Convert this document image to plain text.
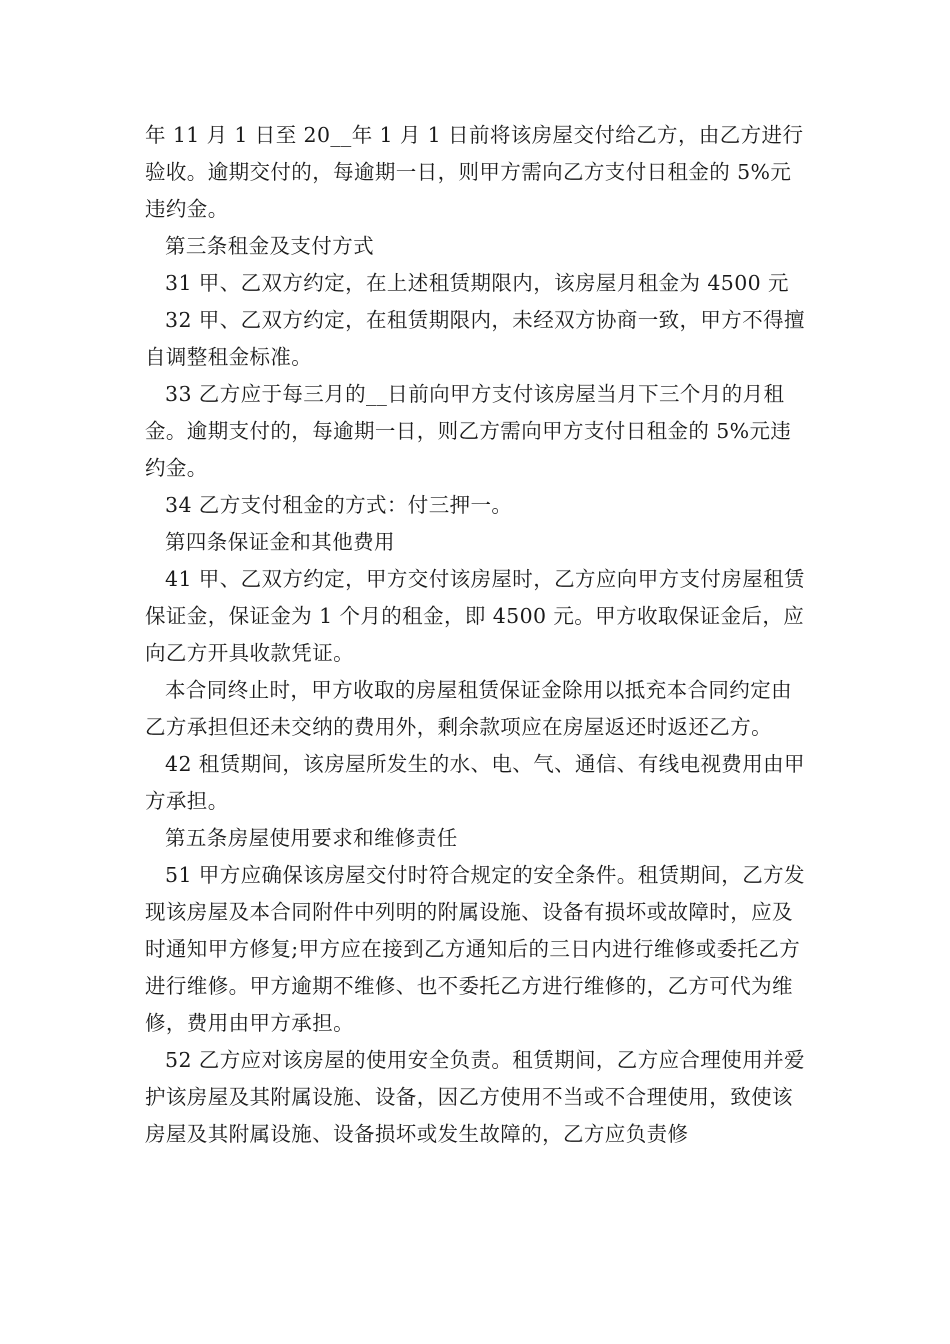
年 11 月 1 日至 20__年 1 月 1 日前将该房屋交付给乙方，由乙方进行验收。逾期交付的，每逾期一日，则甲方需向乙方支付日租金的 5%元违约金。

第三条租金及支付方式

31 甲、乙双方约定，在上述租赁期限内，该房屋月租金为 4500 元

32 甲、乙双方约定，在租赁期限内，未经双方协商一致，甲方不得擅自调整租金标准。

33 乙方应于每三月的__日前向甲方支付该房屋当月下三个月的月租金。逾期支付的，每逾期一日，则乙方需向甲方支付日租金的 5%元违约金。

34 乙方支付租金的方式：付三押一。

第四条保证金和其他费用

41 甲、乙双方约定，甲方交付该房屋时，乙方应向甲方支付房屋租赁保证金，保证金为 1 个月的租金，即 4500 元。甲方收取保证金后，应向乙方开具收款凭证。

本合同终止时，甲方收取的房屋租赁保证金除用以抵充本合同约定由乙方承担但还未交纳的费用外，剩余款项应在房屋返还时返还乙方。

42 租赁期间，该房屋所发生的水、电、气、通信、有线电视费用由甲方承担。

第五条房屋使用要求和维修责任

51 甲方应确保该房屋交付时符合规定的安全条件。租赁期间，乙方发现该房屋及本合同附件中列明的附属设施、设备有损坏或故障时，应及时通知甲方修复;甲方应在接到乙方通知后的三日内进行维修或委托乙方进行维修。甲方逾期不维修、也不委托乙方进行维修的，乙方可代为维修，费用由甲方承担。

52 乙方应对该房屋的使用安全负责。租赁期间，乙方应合理使用并爱护该房屋及其附属设施、设备，因乙方使用不当或不合理使用，致使该房屋及其附属设施、设备损坏或发生故障的，乙方应负责修
